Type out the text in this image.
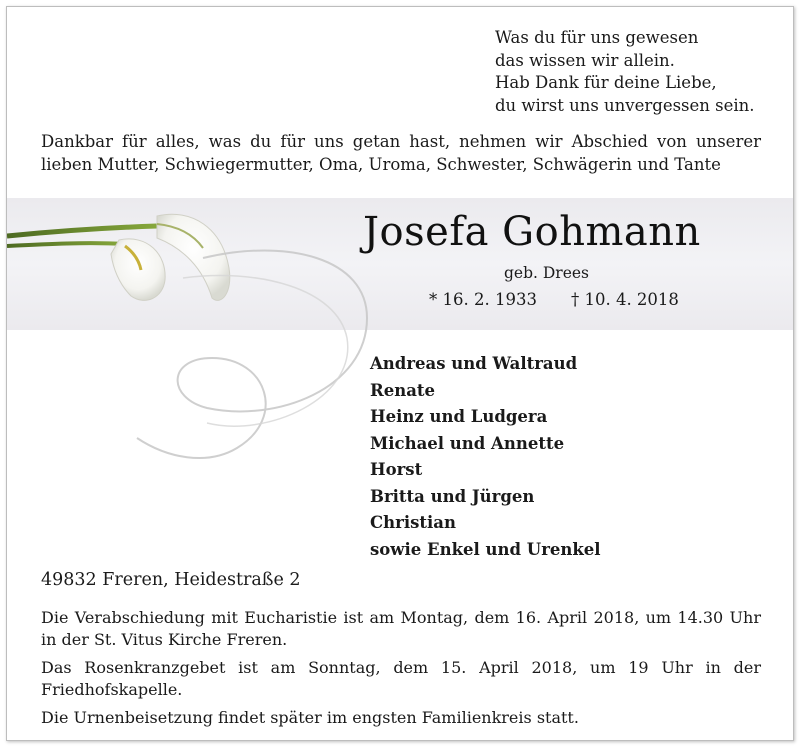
Was du für uns gewesen
das wissen wir allein.
Hab Dank für deine Liebe,
du wirst uns unvergessen sein.
Dankbar für alles, was du für uns getan hast, nehmen wir Abschied von unserer
lieben Mutter, Schwiegermutter, Oma, Uroma, Schwester, Schwägerin und Tante
Josefa Gohmann
geb. Drees
* 16. 2. 1933 † 10. 4. 2018
Andreas und Waltraud
Renate
Heinz und Ludgera
Michael und Annette
Horst
Britta und Jürgen
Christian
sowie Enkel und Urenkel
49832 Freren, Heidestraße 2
Die Verabschiedung mit Eucharistie ist am Montag, dem 16. April 2018, um 14.30 Uhr
in der St. Vitus Kirche Freren.
Das Rosenkranzgebet ist am Sonntag, dem 15. April 2018, um 19 Uhr in der
Friedhofskapelle.
Die Urnenbeisetzung findet später im engsten Familienkreis statt.
